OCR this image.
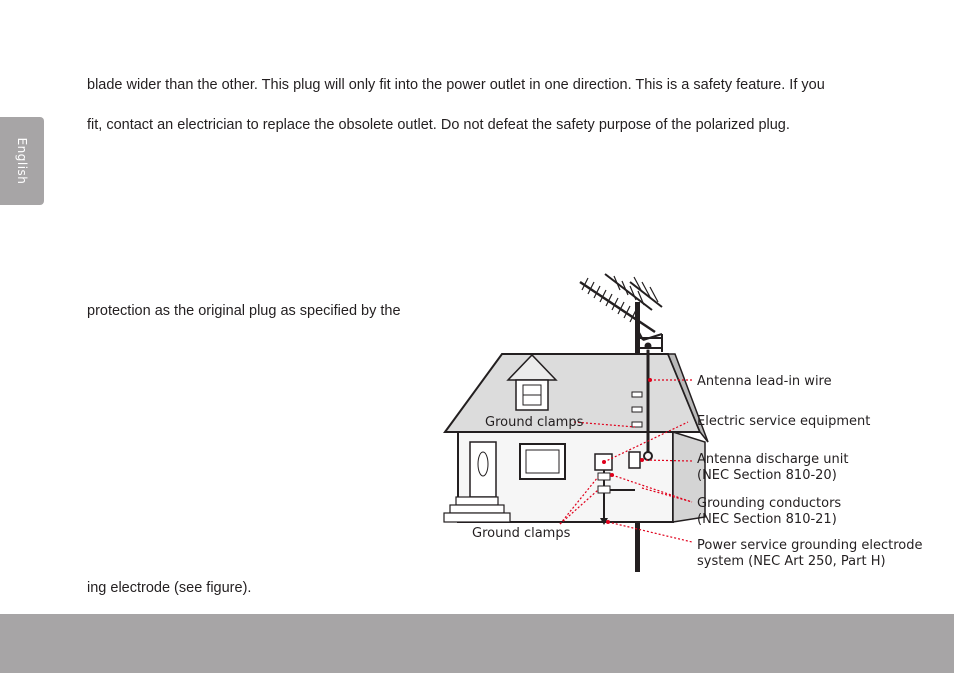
English

blade wider than the other. This plug will only fit into the power outlet in one direction. This is a safety feature. If you

fit, contact an electrician to replace the obsolete outlet. Do not defeat the safety purpose of the polarized plug.

protection as the original plug as specified by the

ing electrode (see figure).

Antenna lead-in wire
Electric service equipment
Antenna discharge unit
(NEC Section 810-20)
Grounding conductors
(NEC Section 810-21)
Power service grounding electrode
system (NEC Art 250, Part H)
Ground clamps
Ground clamps
